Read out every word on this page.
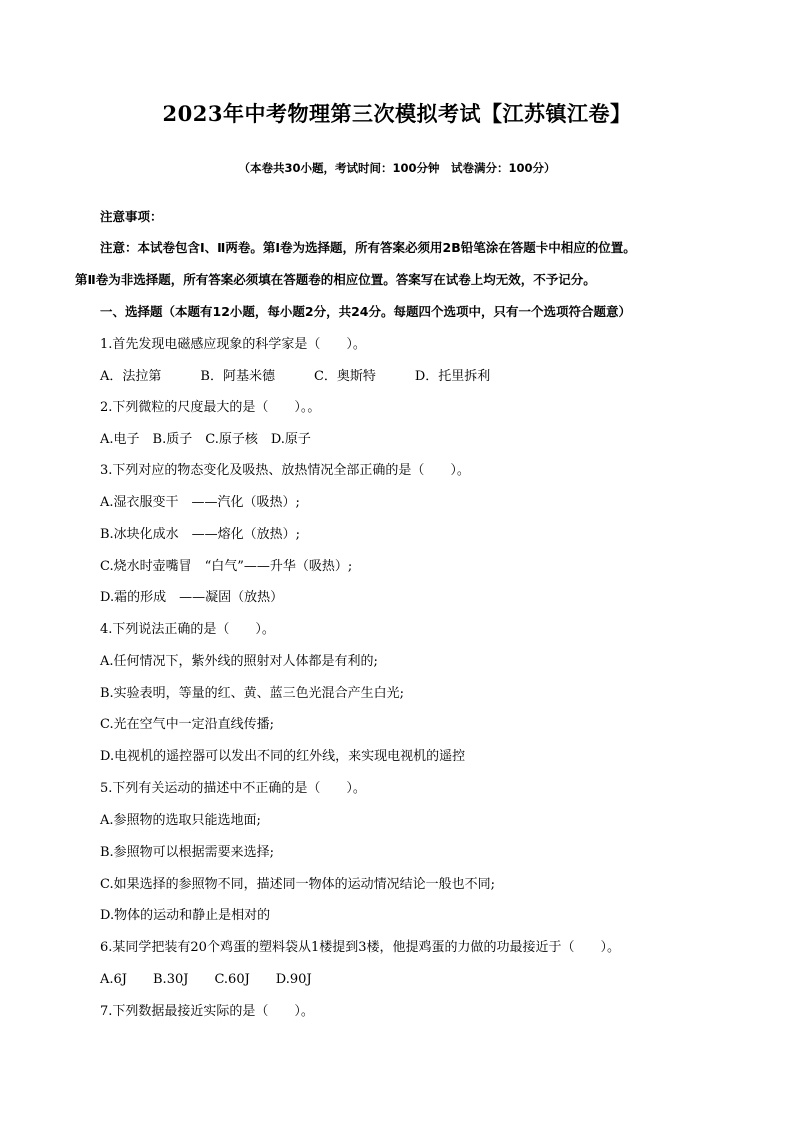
2023年中考物理第三次模拟考试【江苏镇江卷】
（本卷共30小题，考试时间：100分钟　试卷满分：100分）
注意事项：
注意：本试卷包含Ⅰ、Ⅱ两卷。第Ⅰ卷为选择题，所有答案必须用2B铅笔涂在答题卡中相应的位置。
第Ⅱ卷为非选择题，所有答案必须填在答题卷的相应位置。答案写在试卷上均无效，不予记分。
一、选择题（本题有12小题，每小题2分，共24分。每题四个选项中，只有一个选项符合题意）
1.首先发现电磁感应现象的科学家是（　　）。
A．法拉第　　　B．阿基米德　　　C．奥斯特　　　D．托里拆利
2.下列微粒的尺度最大的是（　　）。。
A.电子　B.质子　C.原子核　D.原子
3.下列对应的物态变化及吸热、放热情况全部正确的是（　　）。
A.湿衣服变干　——汽化（吸热）;
B.冰块化成水　——熔化（放热）;
C.烧水时壶嘴冒　“白气”——升华（吸热）;
D.霜的形成　——凝固（放热）
4.下列说法正确的是（　　）。
A.任何情况下，紫外线的照射对人体都是有利的;
B.实验表明，等量的红、黄、蓝三色光混合产生白光;
C.光在空气中一定沿直线传播;
D.电视机的遥控器可以发出不同的红外线，来实现电视机的遥控
5.下列有关运动的描述中不正确的是（　　）。
A.参照物的选取只能选地面;
B.参照物可以根据需要来选择;
C.如果选择的参照物不同，描述同一物体的运动情况结论一般也不同;
D.物体的运动和静止是相对的
6.某同学把装有20个鸡蛋的塑料袋从1楼提到3楼，他提鸡蛋的力做的功最接近于（　　）。
A.6J　　B.30J　　C.60J　　D.90J
7.下列数据最接近实际的是（　　）。
